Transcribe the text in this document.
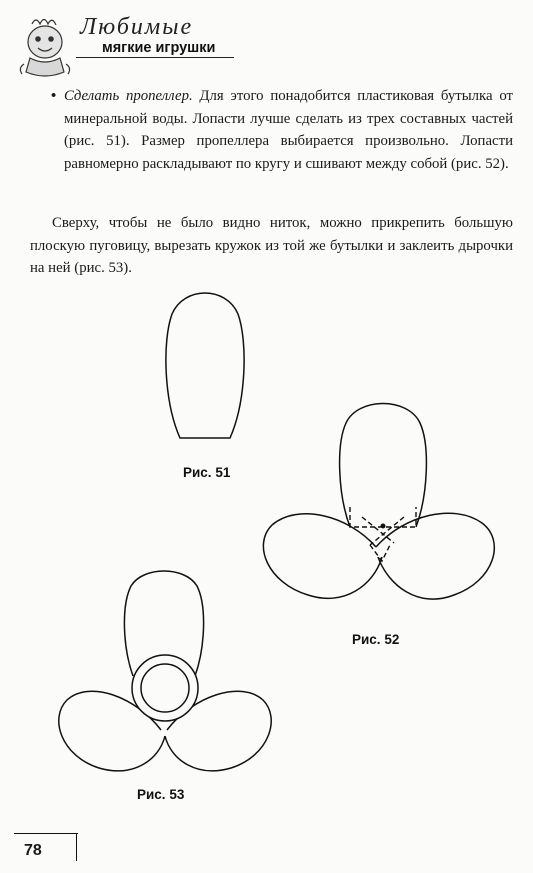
Любимые
мягкие игрушки
• Сделать пропеллер. Для этого понадобится пластиковая бутылка от минеральной воды. Лопасти лучше сделать из трех составных частей (рис. 51). Размер пропеллера выбирается произвольно. Лопасти равномерно раскладывают по кругу и сшивают между собой (рис. 52).
Сверху, чтобы не было видно ниток, можно прикрепить большую плоскую пуговицу, вырезать кружок из той же бутылки и заклеить дырочки на ней (рис. 53).
Рис. 51
Рис. 52
Рис. 53
78
